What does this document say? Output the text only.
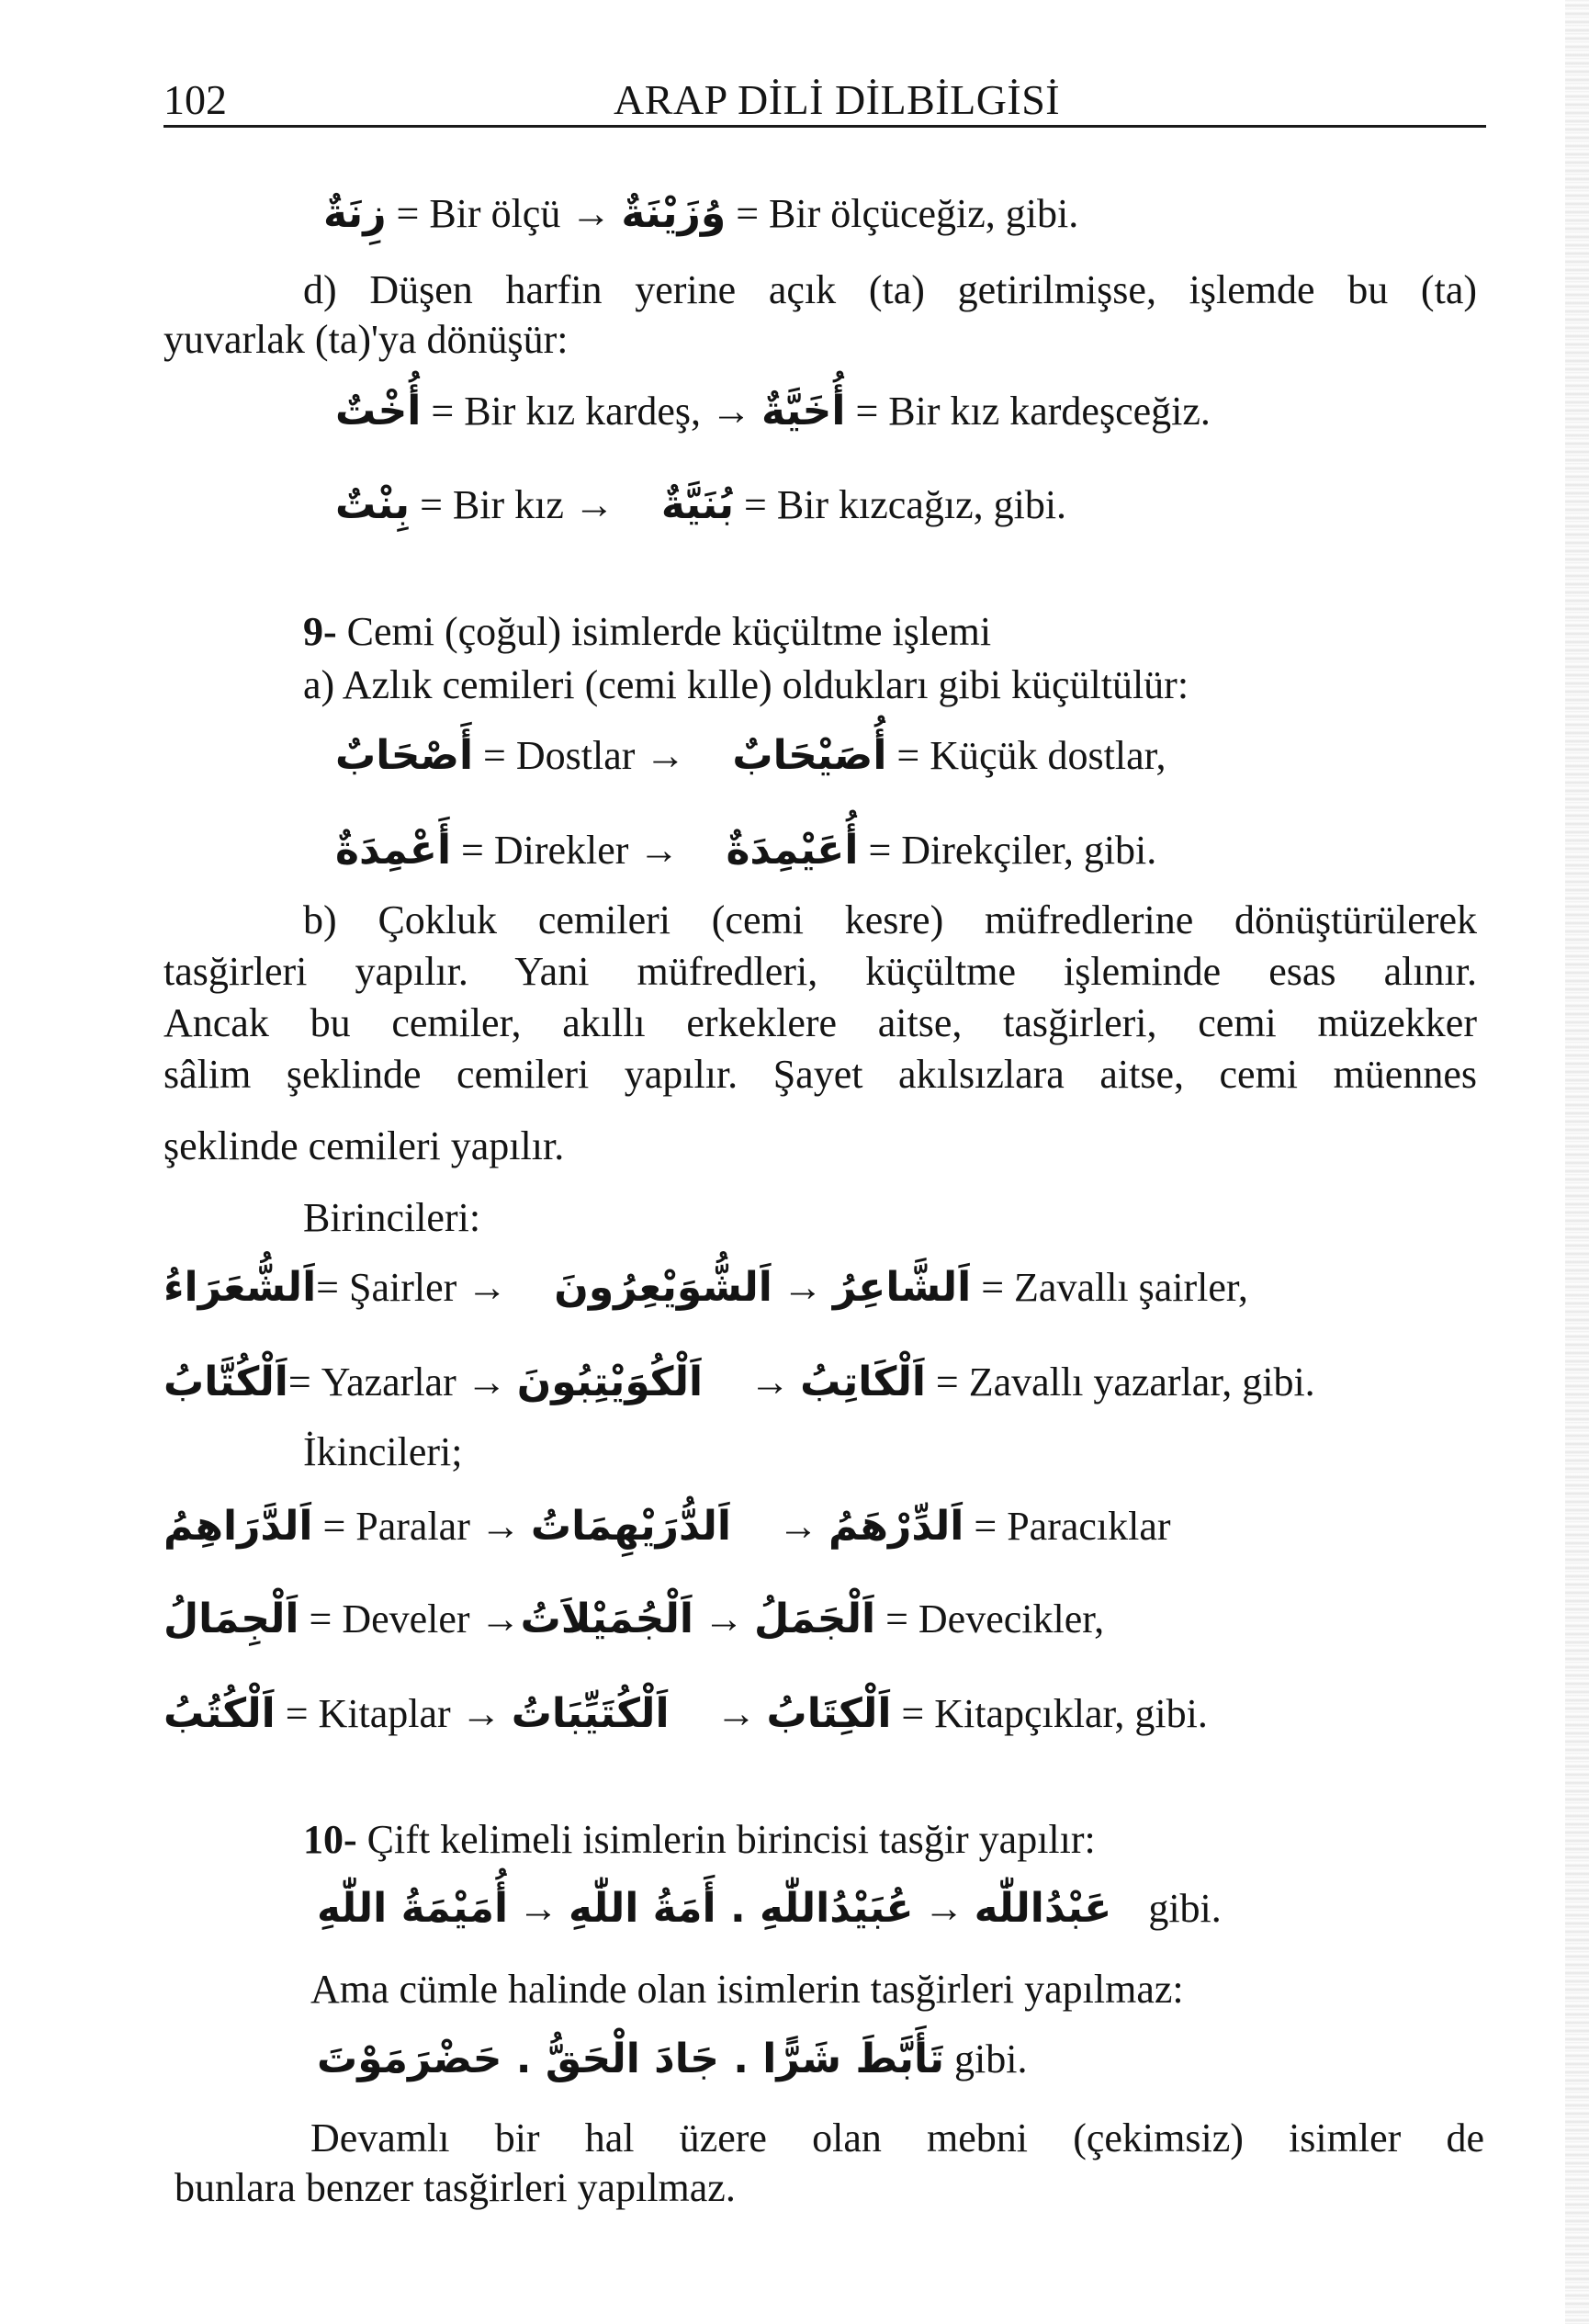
102	ARAP DİLİ DİLBİLGİSİ
زِنَةٌ = Bir ölçü → وُزَيْنَةٌ = Bir ölçüceğiz, gibi.
d) Düşen harfin yerine açık (ta) getirilmişse, işlemde bu (ta)
yuvarlak (ta)'ya dönüşür:
أُخْتٌ = Bir kız kardeş, → أُخَيَّةٌ = Bir kız kardeşceğiz.
بِنْتٌ = Bir kız → بُنَيَّةٌ = Bir kızcağız, gibi.
9- Cemi (çoğul) isimlerde küçültme işlemi
a) Azlık cemileri (cemi kılle) oldukları gibi küçültülür:
أَصْحَابٌ = Dostlar → أُصَيْحَابٌ = Küçük dostlar,
أَعْمِدَةٌ = Direkler → أُعَيْمِدَةٌ = Direkçiler, gibi.
b) Çokluk cemileri (cemi kesre) müfredlerine dönüştürülerek
tasğirleri yapılır. Yani müfredleri, küçültme işleminde esas alınır.
Ancak bu cemiler, akıllı erkeklere aitse, tasğirleri, cemi müzekker
sâlim şeklinde cemileri yapılır. Şayet akılsızlara aitse, cemi müennes
şeklinde cemileri yapılır.
Birincileri:
اَلشُّعَرَاءُ= Şairler →	اَلشَّاعِرُ → اَلشُّوَيْعِرُونَ	= Zavallı şairler,
اَلْكُتَّابُ= Yazarlar →	اَلْكَاتِبُ → اَلْكُوَيْتِبُونَ	= Zavallı yazarlar, gibi.
İkincileri;
اَلدَّرَاهِمُ = Paralar →	اَلدِّرْهَمُ → اَلدُّرَيْهِمَاتُ	= Paracıklar
اَلْجِمَالُ = Develer →	اَلْجَمَلُ → اَلْجُمَيْلاَتُ	= Devecikler,
اَلْكُتُبُ = Kitaplar →	اَلْكِتَابُ → اَلْكُتَيِّبَاتُ	= Kitapçıklar, gibi.
10- Çift kelimeli isimlerin birincisi tasğir yapılır:
عَبْدُاللّٰه → عُبَيْدُاللّٰهِ . أَمَةُ اللّٰهِ → أُمَيْمَةُ اللّٰهِ	gibi.
Ama cümle halinde olan isimlerin tasğirleri yapılmaz:
تَأَبَّطَ شَرًّا . جَادَ الْحَقُّ . حَضْرَمَوْتَ gibi.
Devamlı bir hal üzere olan mebni (çekimsiz) isimler de
bunlara benzer tasğirleri yapılmaz.
